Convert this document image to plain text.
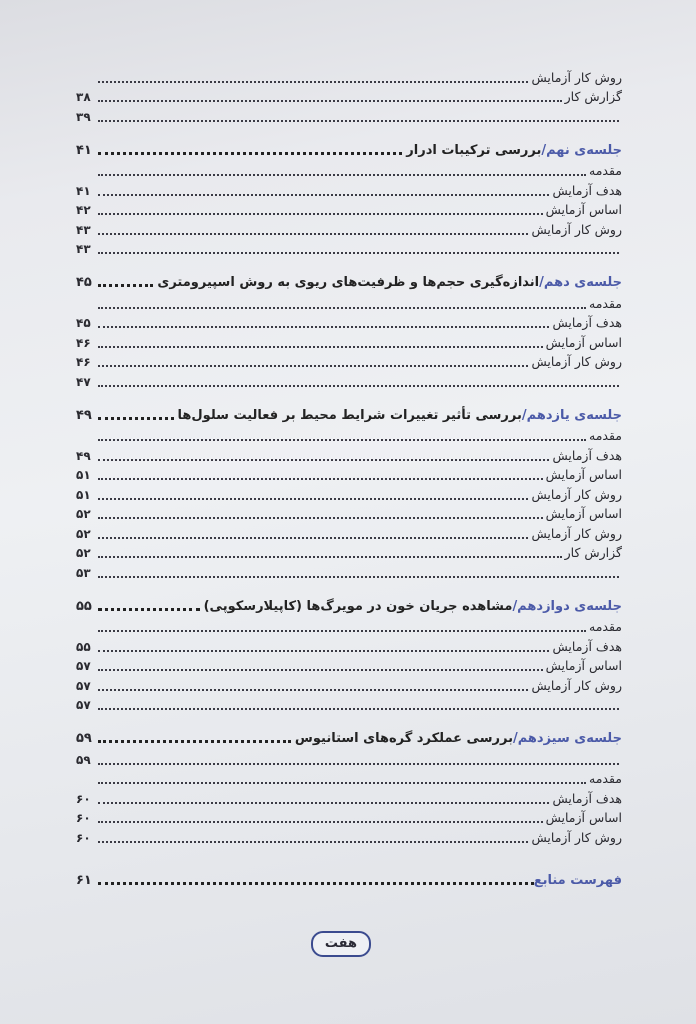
روش کار آزمایش
گزارش کار
۳۸
۳۹
جلسه‌ی نهم/
بررسی ترکیبات ادرار
۴۱
مقدمه
هدف آزمایش
۴۱
اساس آزمایش
۴۲
روش کار آزمایش
۴۳
۴۳
جلسه‌ی دهم/
اندازه‌گیری حجم‌ها و ظرفیت‌های ریوی به روش اسپیرومتری
۴۵
مقدمه
هدف آزمایش
۴۵
اساس آزمایش
۴۶
روش کار آزمایش
۴۶
۴۷
جلسه‌ی یازدهم/
بررسی تأثیر تغییرات شرایط محیط بر فعالیت سلول‌ها
۴۹
مقدمه
هدف آزمایش
۴۹
اساس آزمایش
۵۱
روش کار آزمایش
۵۱
اساس آزمایش
۵۲
روش کار آزمایش
۵۲
گزارش کار
۵۲
۵۳
جلسه‌ی دوازدهم/
مشاهده جریان خون در مویرگ‌ها (کاپیلارسکوپی)
۵۵
مقدمه
هدف آزمایش
۵۵
اساس آزمایش
۵۷
روش کار آزمایش
۵۷
۵۷
جلسه‌ی سیزدهم/
بررسی عملکرد گره‌های استانیوس
۵۹
۵۹
مقدمه
هدف آزمایش
۶۰
اساس آزمایش
۶۰
روش کار آزمایش
۶۰
فهرست منابع
۶۱
هفت
